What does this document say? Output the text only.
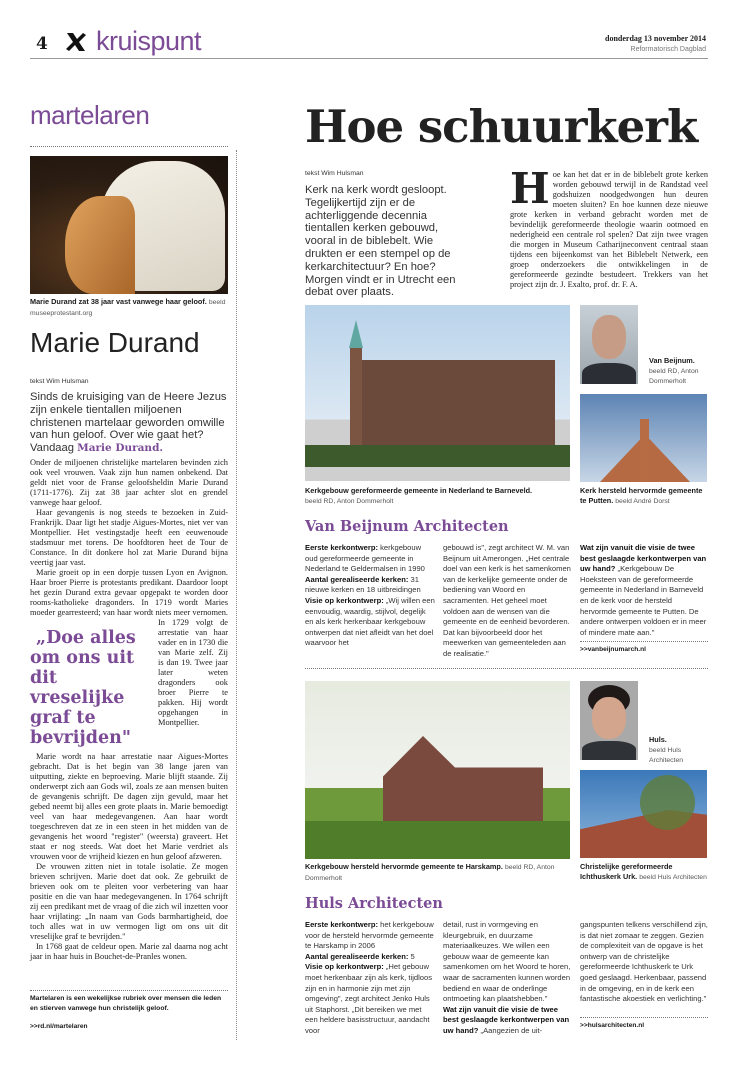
4 kruispunt	donderdag 13 november 2014
Reformatorisch Dagblad
martelaren
Marie Durand zat 38 jaar vast vanwege haar geloof. beeld museeprotestant.org
Marie Durand
tekst Wim Hulsman
Sinds de kruisiging van de Heere Jezus zijn enkele tientallen miljoenen christenen martelaar geworden omwille van hun geloof. Over wie gaat het? Vandaag Marie Durand.

Onder de miljoenen christelijke martelaren bevinden zich ook veel vrouwen. Vaak zijn hun namen onbekend. Dat geldt niet voor de Franse geloofsheldin Marie Durand (1711-1776). Zij zat 38 jaar achter slot en grendel vanwege haar geloof.

Haar gevangenis is nog steeds te bezoeken in Zuid-Frankrijk. Daar ligt het stadje Aigues-Mortes, niet ver van Montpellier. Het vestingstadje heeft een eeuwenoude stadsmuur met torens. De hoofdtoren heet de Tour de Constance. In dit donkere hol zat Marie Durand bijna veertig jaar vast.

Marie groeit op in een dorpje tussen Lyon en Avignon. Haar broer Pierre is protestants predikant. Daardoor loopt het gezin Durand extra gevaar opgepakt te worden door rooms-katholieke dragonders. In 1719 wordt Maries moeder gearresteerd; van haar
„Doe alles om ons uit dit vreselijke graf te bevrijden"
wordt niets meer vernomen. In 1729 volgt de arrestatie van haar vader en in 1730 die van Marie zelf. Zij is dan 19. Twee jaar later weten dragonders ook broer Pierre te pakken. Hij wordt opgehangen in Montpellier.

Marie wordt na haar arrestatie naar Aigues-Mortes gebracht. Dat is het begin van 38 lange jaren van uitputting, ziekte en beproeving. Marie blijft staande. Zij onderwerpt zich aan Gods wil, zoals ze aan mensen buiten de gevangenis schrijft. De dagen zijn gevuld, maar het gebed neemt bij alles een grote plaats in. Marie bemoedigt veel van haar medegevangenen. Aan haar wordt toegeschreven dat ze in een steen in het midden van de gevangenis het woord "register" (weersta) graveert. Het staat er nog steeds. Wat doet het Marie verdriet als vrouwen voor de vrijheid kiezen en hun geloof afzweren.

De vrouwen zitten niet in totale isolatie. Ze mogen brieven schrijven. Marie doet dat ook. Ze gebruikt de brieven ook om te pleiten voor verbetering van haar positie en die van haar medegevangenen. In 1764 schrijft zij een predikant met de vraag of die zich wil inzetten voor haar vrijlating: „In naam van Gods barmhartigheid, doe toch alles wat in uw vermogen ligt om ons uit dit vreselijke graf te bevrijden."

In 1768 gaat de celdeur open. Marie zal daarna nog acht jaar in haar huis in Bouchet-de-Pranles wonen.

Martelaren is een wekelijkse rubriek over mensen die leden en stierven vanwege hun christelijk geloof.
>>rd.nl/martelaren
Hoe schuurkerk
tekst Wim Hulsman
Kerk na kerk wordt gesloopt. Tegelijkertijd zijn er de achterliggende decennia tientallen kerken gebouwd, vooral in de biblebelt. Wie drukten er een stempel op de kerkarchitectuur? En hoe? Morgen vindt er in Utrecht een debat over plaats.
Hoe kan het dat er in de biblebelt grote kerken worden gebouwd terwijl in de Randstad veel godshuizen noodgedwongen hun deuren moeten sluiten? En hoe kunnen deze nieuwe grote kerken in verband gebracht worden met de bevindelijk gereformeerde theologie waarin ootmoed en nederigheid een centrale rol spelen? Dat zijn twee vragen die morgen in Museum Catharijneconvent centraal staan tijdens een bijeenkomst van het Biblebelt Netwerk, een groep onderzoekers die ontwikkelingen in de gereformeerde gezindte bestudeert. Trekkers van het project zijn dr. J. Exalto, prof. dr. F. A.
Kerkgebouw gereformeerde gemeente in Nederland te Barneveld.
beeld RD, Anton Dommerholt
Van Beijnum.
beeld RD, Anton Dommerholt
Kerk hersteld hervormde gemeente te Putten. beeld André Dorst
Van Beijnum Architecten
Eerste kerkontwerp: kerkgebouw oud gereformeerde gemeente in Nederland te Geldermalsen in 1990
Aantal gerealiseerde kerken: 31 nieuwe kerken en 18 uitbreidingen
Visie op kerkontwerp: „Wij willen een eenvoudig, waardig, stijlvol, degelijk en als kerk herkenbaar kerkgebouw ontwerpen dat niet afleidt van het doel waarvoor het
gebouwd is", zegt architect W. M. van Beijnum uit Amerongen. „Het centrale doel van een kerk is het samenkomen van de kerkelijke gemeente onder de bediening van Woord en sacramenten. Het geheel moet voldoen aan de wensen van die gemeente en de eenheid bevorderen. Dat kan bijvoorbeeld door het meewerken van gemeenteleden aan de realisatie."
Wat zijn vanuit die visie de twee best geslaagde kerkontwerpen van uw hand? „Kerkgebouw De Hoeksteen van de gereformeerde gemeente in Nederland in Barneveld en de kerk voor de hersteld hervormde gemeente te Putten. De andere ontwerpen voldoen er in meer of mindere mate aan."
>>vanbeijnumarch.nl
Kerkgebouw hersteld hervormde gemeente te Harskamp. beeld RD, Anton Dommerholt
Huls.
beeld Huls Architecten
Christelijke gereformeerde Ichthuskerk Urk. beeld Huls Architecten
Huls Architecten
Eerste kerkontwerp: het kerkgebouw voor de hersteld hervormde gemeente te Harskamp in 2006
Aantal gerealiseerde kerken: 5
Visie op kerkontwerp: „Het gebouw moet herkenbaar zijn als kerk, tijdloos zijn en in harmonie zijn met zijn omgeving", zegt architect Jenko Huls uit Staphorst. „Dit bereiken we met een heldere basisstructuur, aandacht voor
detail, rust in vormgeving en kleurgebruik, en duurzame materiaalkeuzes. We willen een gebouw waar de gemeente kan samenkomen om het Woord te horen, waar de sacramenten kunnen worden bediend en waar de onderlinge ontmoeting kan plaatshebben."
Wat zijn vanuit die visie de twee best geslaagde kerkontwerpen van uw hand? „Aangezien de uit-
gangspunten telkens verschillend zijn, is dat niet zomaar te zeggen. Gezien de complexiteit van de opgave is het ontwerp van de christelijke gereformeerde Ichthuskerk te Urk goed geslaagd. Herkenbaar, passend in de omgeving, en in de kerk een fantastische akoestiek en verlichting."
>>hulsarchitecten.nl
